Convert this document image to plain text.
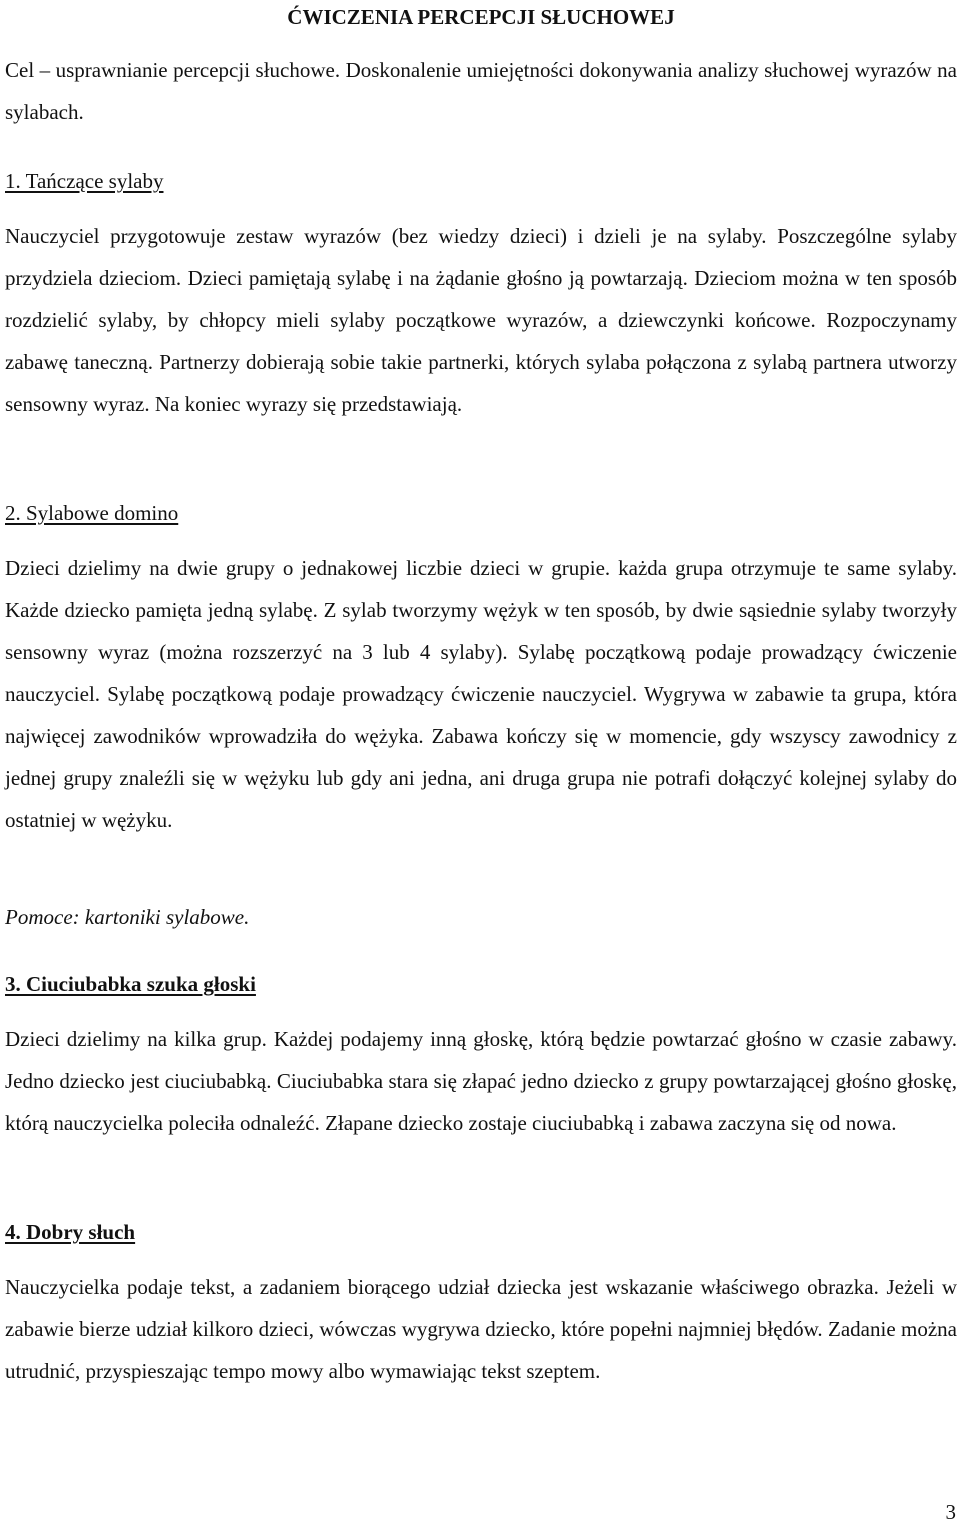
ĆWICZENIA PERCEPCJI SŁUCHOWEJ

Cel – usprawnianie percepcji słuchowe. Doskonalenie umiejętności dokonywania analizy słuchowej wyrazów na sylabach.

1. Tańczące sylaby

Nauczyciel przygotowuje zestaw wyrazów (bez wiedzy dzieci) i dzieli je na sylaby. Poszczególne sylaby przydziela dzieciom. Dzieci pamiętają sylabę i na żądanie głośno ją powtarzają. Dzieciom można w ten sposób rozdzielić sylaby, by chłopcy mieli sylaby początkowe wyrazów, a dziewczynki końcowe. Rozpoczynamy zabawę taneczną. Partnerzy dobierają sobie takie partnerki, których sylaba połączona z sylabą partnera utworzy sensowny wyraz. Na koniec wyrazy się przedstawiają.

2. Sylabowe domino

Dzieci dzielimy na dwie grupy o jednakowej liczbie dzieci w grupie. każda grupa otrzymuje te same sylaby. Każde dziecko pamięta jedną sylabę. Z sylab tworzymy wężyk w ten sposób, by dwie sąsiednie sylaby tworzyły sensowny wyraz (można rozszerzyć na 3 lub 4 sylaby). Sylabę początkową podaje prowadzący ćwiczenie nauczyciel. Sylabę początkową podaje prowadzący ćwiczenie nauczyciel. Wygrywa w zabawie ta grupa, która najwięcej zawodników wprowadziła do wężyka. Zabawa kończy się w momencie, gdy wszyscy zawodnicy z jednej grupy znaleźli się w wężyku lub gdy ani jedna, ani druga grupa nie potrafi dołączyć kolejnej sylaby do ostatniej w wężyku.

Pomoce: kartoniki sylabowe.

3. Ciuciubabka szuka głoski

Dzieci dzielimy na kilka grup. Każdej podajemy inną głoskę, którą będzie powtarzać głośno w czasie zabawy. Jedno dziecko jest ciuciubabką. Ciuciubabka stara się złapać jedno dziecko z grupy powtarzającej głośno głoskę, którą nauczycielka poleciła odnaleźć. Złapane dziecko zostaje ciuciubabką i zabawa zaczyna się od nowa.

4. Dobry słuch

Nauczycielka podaje tekst, a zadaniem biorącego udział dziecka jest wskazanie właściwego obrazka. Jeżeli w zabawie bierze udział kilkoro dzieci, wówczas wygrywa dziecko, które popełni najmniej błędów. Zadanie można utrudnić, przyspieszając tempo mowy albo wymawiając tekst szeptem.

3
